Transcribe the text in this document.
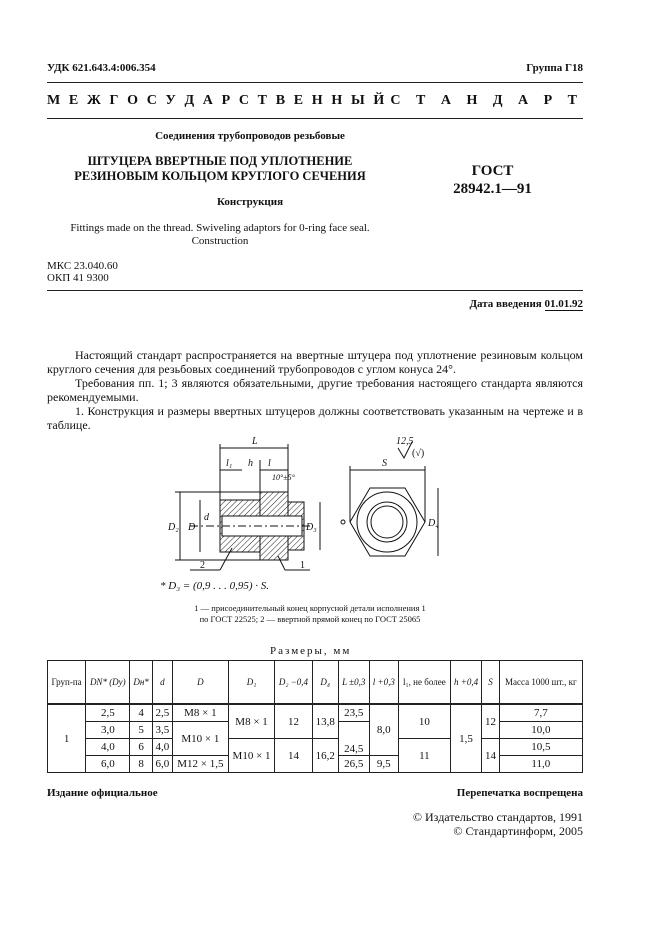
УДК 621.643.4:006.354	Группа Г18
М Е Ж Г О С У Д А Р С Т В Е Н Н Ы Й С Т А Н Д А Р Т
Соединения трубопроводов резьбовые
ШТУЦЕРА ВВЕРТНЫЕ ПОД УПЛОТНЕНИЕ
РЕЗИНОВЫМ КОЛЬЦОМ КРУГЛОГО СЕЧЕНИЯ	ГОСТ
28942.1—91
Конструкция
Fittings made on the thread. Swiveling adaptors for 0-ring face seal.
Construction
МКС 23.040.60
ОКП 41 9300
Дата введения 01.01.92

Настоящий стандарт распространяется на ввертные штуцера под уплотнение резиновым кольцом круглого сечения для резьбовых соединений трубопроводов с углом конуса 24°.

Требования пп. 1; 3 являются обязательными, другие требования настоящего стандарта являются рекомендуемыми.

1. Конструкция и размеры ввертных штуцеров должны соответствовать указанным на чертеже и в таблице.

L
l₁ h l
10°±5°
D₂ D
d
D₃
2	1
S
D₄
12,5
(√)
* D₃ = (0,9 . . . 0,95) · S.
1 — присоединительный конец корпусной детали исполнения 1
по ГОСТ 22525; 2 — ввертной прямой конец по ГОСТ 25065
Размеры, мм
Груп-па	DN* (Dу)	Dн*	d	D	D₁	D₂ −0,4	D₄	L ±0,3	l +0,3	l₁, не более	h +0,4	S	Масса 1000 шт., кг
1	2,5	4	2,5	M8 × 1	M8 × 1	12	13,8	23,5	8,0	10	1,5	12	7,7
	3,0	5	3,5	M10 × 1				24,5					10,0
	4,0	6	4,0		M10 × 1	14	16,2			11		14	10,5
	6,0	8	6,0	M12 × 1,5				26,5	9,5				11,0
Издание официальное	Перепечатка воспрещена
© Издательство стандартов, 1991
© Стандартинформ, 2005
